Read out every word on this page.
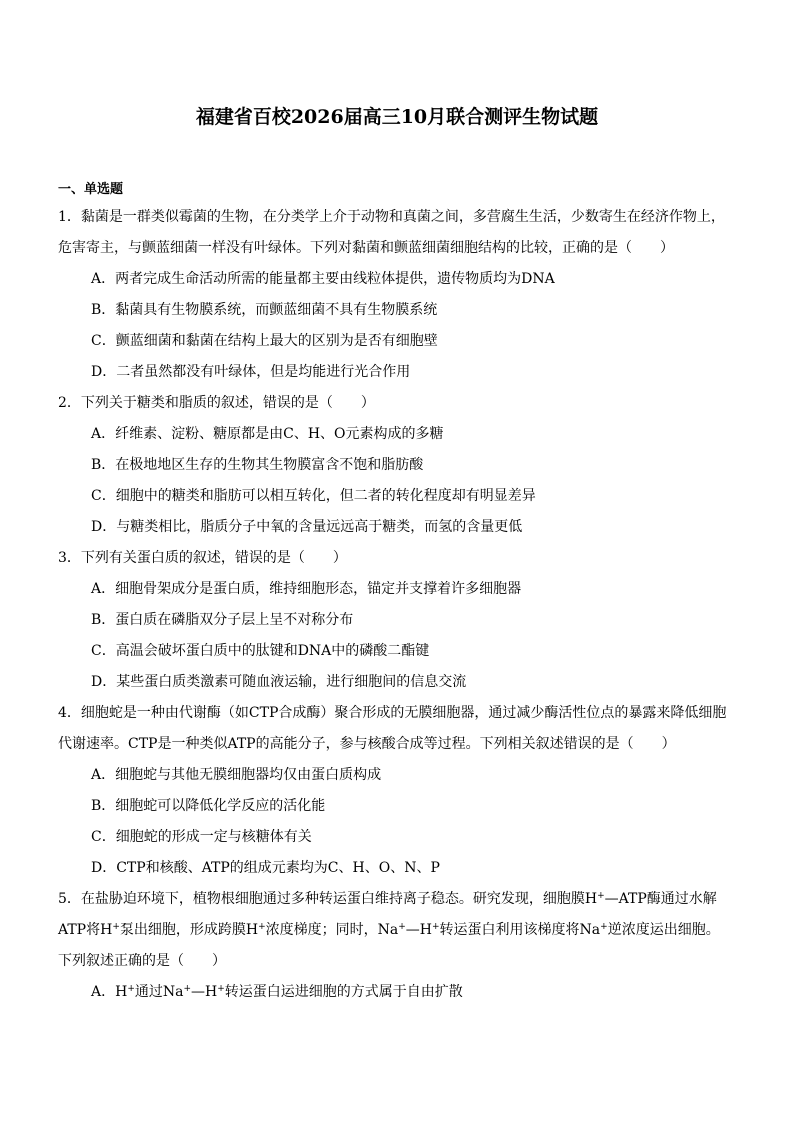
福建省百校2026届高三10月联合测评生物试题
一、单选题

1．黏菌是一群类似霉菌的生物，在分类学上介于动物和真菌之间，多营腐生生活，少数寄生在经济作物上，危害寄主，与颤蓝细菌一样没有叶绿体。下列对黏菌和颤蓝细菌细胞结构的比较，正确的是（　　）

A．两者完成生命活动所需的能量都主要由线粒体提供，遗传物质均为DNA

B．黏菌具有生物膜系统，而颤蓝细菌不具有生物膜系统

C．颤蓝细菌和黏菌在结构上最大的区别为是否有细胞壁

D．二者虽然都没有叶绿体，但是均能进行光合作用

2．下列关于糖类和脂质的叙述，错误的是（　　）

A．纤维素、淀粉、糖原都是由C、H、O元素构成的多糖

B．在极地地区生存的生物其生物膜富含不饱和脂肪酸

C．细胞中的糖类和脂肪可以相互转化，但二者的转化程度却有明显差异

D．与糖类相比，脂质分子中氧的含量远远高于糖类，而氢的含量更低

3．下列有关蛋白质的叙述，错误的是（　　）

A．细胞骨架成分是蛋白质，维持细胞形态，锚定并支撑着许多细胞器

B．蛋白质在磷脂双分子层上呈不对称分布

C．高温会破坏蛋白质中的肽键和DNA中的磷酸二酯键

D．某些蛋白质类激素可随血液运输，进行细胞间的信息交流

4．细胞蛇是一种由代谢酶（如CTP合成酶）聚合形成的无膜细胞器，通过减少酶活性位点的暴露来降低细胞代谢速率。CTP是一种类似ATP的高能分子，参与核酸合成等过程。下列相关叙述错误的是（　　）

A．细胞蛇与其他无膜细胞器均仅由蛋白质构成

B．细胞蛇可以降低化学反应的活化能

C．细胞蛇的形成一定与核糖体有关

D．CTP和核酸、ATP的组成元素均为C、H、O、N、P

5．在盐胁迫环境下，植物根细胞通过多种转运蛋白维持离子稳态。研究发现，细胞膜H+—ATP酶通过水解ATP将H+泵出细胞，形成跨膜H+浓度梯度；同时，Na+—H+转运蛋白利用该梯度将Na+逆浓度运出细胞。
下列叙述正确的是（　　）

A．H+通过Na+—H+转运蛋白运进细胞的方式属于自由扩散
